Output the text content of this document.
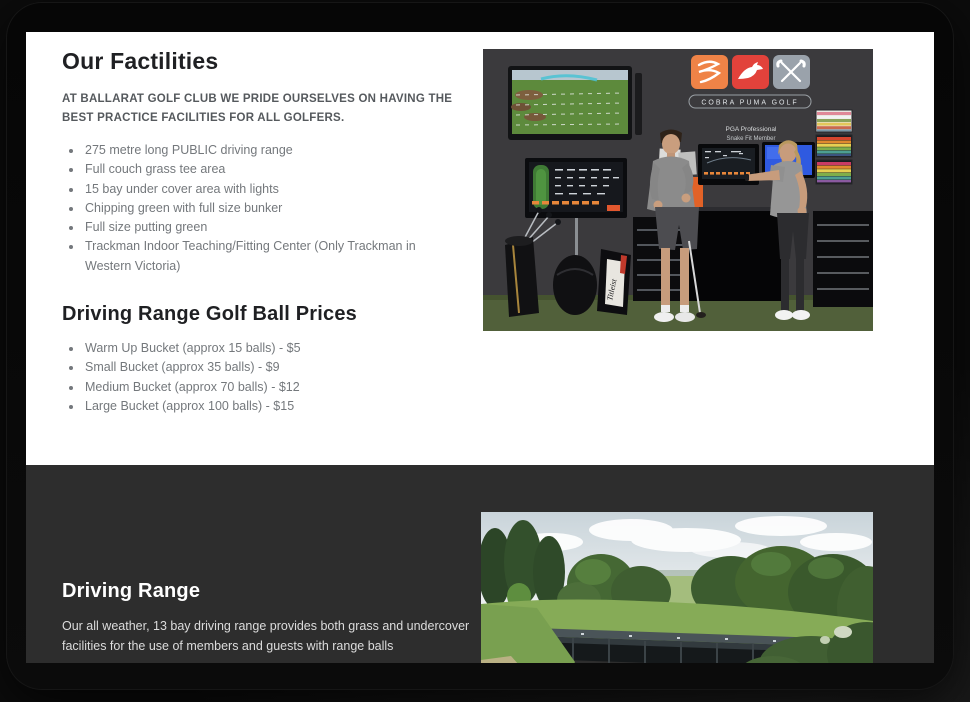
Our Factilities

AT BALLARAT GOLF CLUB WE PRIDE OURSELVES ON HAVING THE BEST PRACTICE FACILITIES FOR ALL GOLFERS.

• 275 metre long PUBLIC driving range
• Full couch grass tee area
• 15 bay under cover area with lights
• Chipping green with full size bunker
• Full size putting green
• Trackman Indoor Teaching/Fitting Center (Only Trackman in Western Victoria)
Driving Range Golf Ball Prices
• Warm Up Bucket (approx 15 balls) - $5
• Small Bucket (approx 35 balls) - $9
• Medium Bucket (approx 70 balls) - $12
• Large Bucket (approx 100 balls) - $15
COBRA PUMA GOLF
PGA Professional
Snake Fit Member
Titleist
Driving Range

Our all weather, 13 bay driving range provides both grass and undercover facilities for the use of members and guests with range balls
